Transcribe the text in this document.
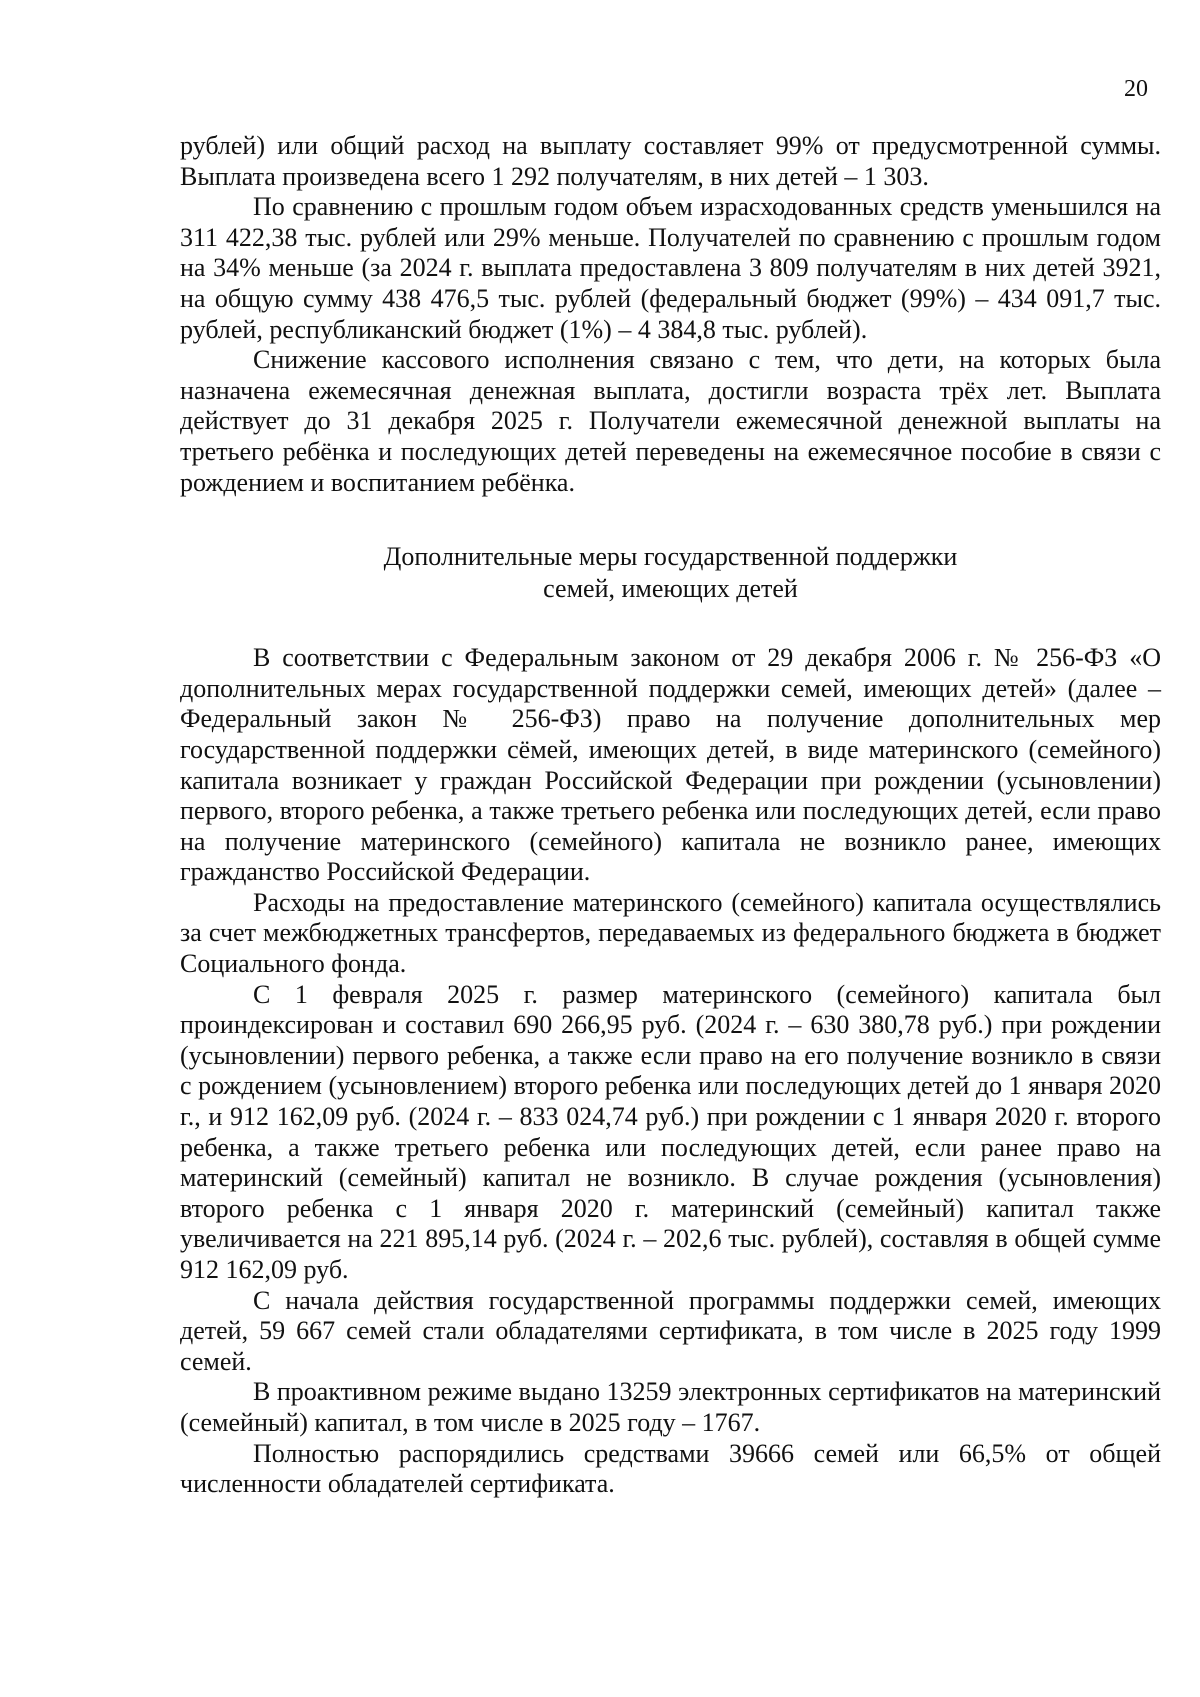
20

рублей) или общий расход на выплату составляет 99% от предусмотренной суммы. Выплата произведена всего 1 292 получателям, в них детей – 1 303.

По сравнению с прошлым годом объем израсходованных средств уменьшился на 311 422,38 тыс. рублей или 29% меньше. Получателей по сравнению с прошлым годом на 34% меньше (за 2024 г. выплата предоставлена 3 809 получателям в них детей 3921, на общую сумму 438 476,5 тыс. рублей (федеральный бюджет (99%) – 434 091,7 тыс. рублей, республиканский бюджет (1%) – 4 384,8 тыс. рублей).

Снижение кассового исполнения связано с тем, что дети, на которых была назначена ежемесячная денежная выплата, достигли возраста трёх лет. Выплата действует до 31 декабря 2025 г. Получатели ежемесячной денежной выплаты на третьего ребёнка и последующих детей переведены на ежемесячное пособие в связи с рождением и воспитанием ребёнка.

Дополнительные меры государственной поддержки
семей, имеющих детей

В соответствии с Федеральным законом от 29 декабря 2006 г. № 256-ФЗ «О дополнительных мерах государственной поддержки семей, имеющих детей» (далее – Федеральный закон № 256-ФЗ) право на получение дополнительных мер государственной поддержки сёмей, имеющих детей, в виде материнского (семейного) капитала возникает у граждан Российской Федерации при рождении (усыновлении) первого, второго ребенка, а также третьего ребенка или последующих детей, если право на получение материнского (семейного) капитала не возникло ранее, имеющих гражданство Российской Федерации.

Расходы на предоставление материнского (семейного) капитала осуществлялись за счет межбюджетных трансфертов, передаваемых из федерального бюджета в бюджет Социального фонда.

С 1 февраля 2025 г. размер материнского (семейного) капитала был проиндексирован и составил 690 266,95 руб. (2024 г. – 630 380,78 руб.) при рождении (усыновлении) первого ребенка, а также если право на его получение возникло в связи с рождением (усыновлением) второго ребенка или последующих детей до 1 января 2020 г., и 912 162,09 руб. (2024 г. – 833 024,74 руб.) при рождении с 1 января 2020 г. второго ребенка, а также третьего ребенка или последующих детей, если ранее право на материнский (семейный) капитал не возникло. В случае рождения (усыновления) второго ребенка с 1 января 2020 г. материнский (семейный) капитал также увеличивается на 221 895,14 руб. (2024 г. – 202,6 тыс. рублей), составляя в общей сумме 912 162,09 руб.

С начала действия государственной программы поддержки семей, имеющих детей, 59 667 семей стали обладателями сертификата, в том числе в 2025 году 1999 семей.

В проактивном режиме выдано 13259 электронных сертификатов на материнский (семейный) капитал, в том числе в 2025 году – 1767.

Полностью распорядились средствами 39666 семей или 66,5% от общей численности обладателей сертификата.
